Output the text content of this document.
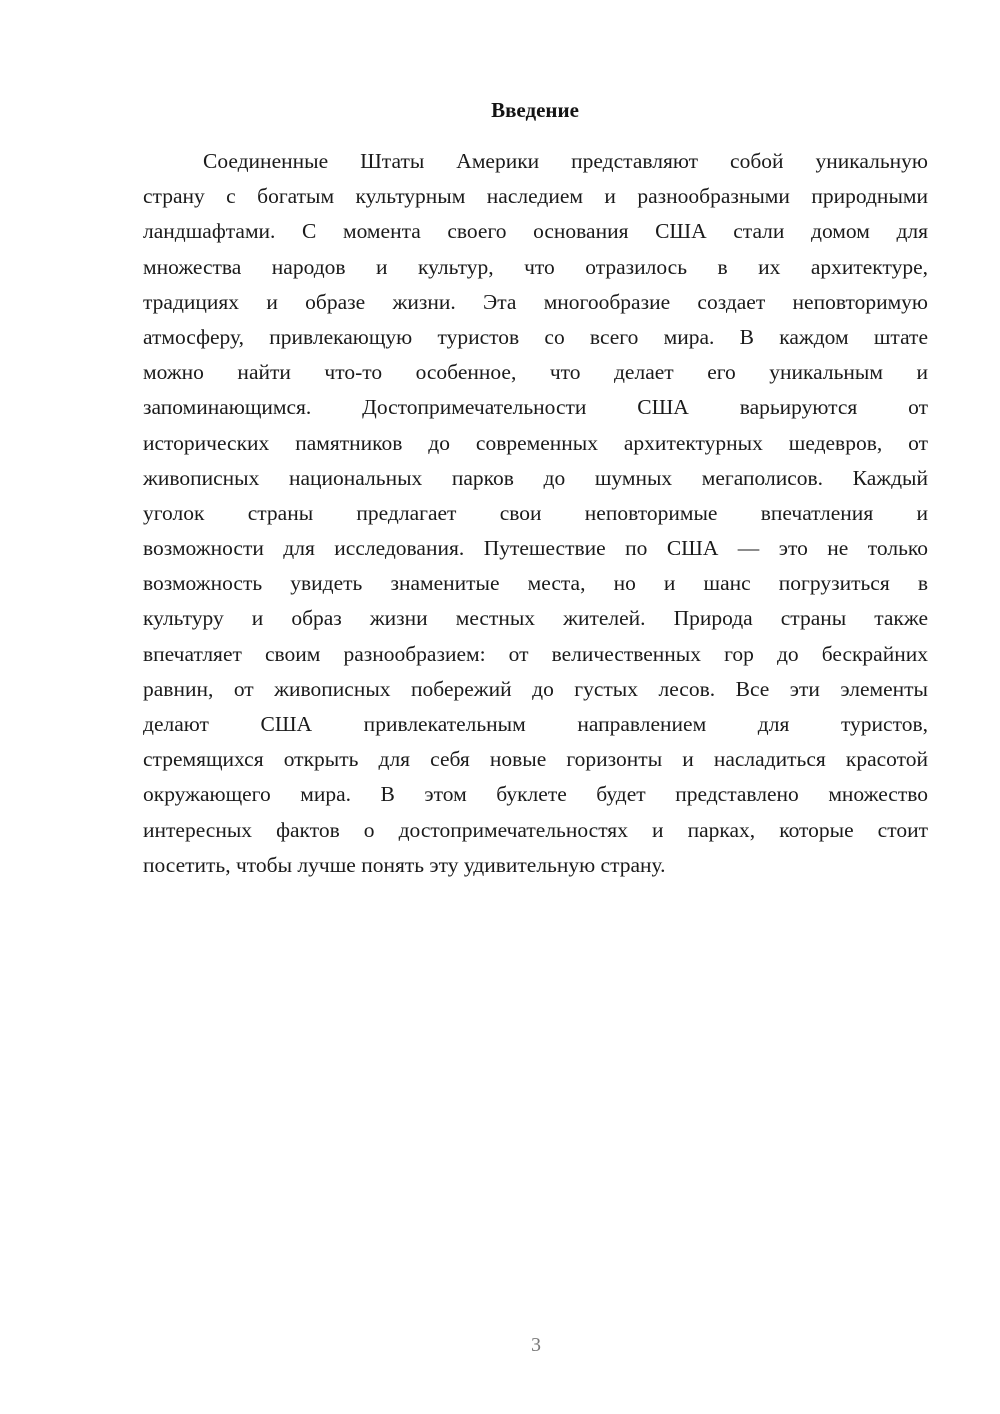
Введение
Соединенные Штаты Америки представляют собой уникальную
страну с богатым культурным наследием и разнообразными природными
ландшафтами. С момента своего основания США стали домом для
множества народов и культур, что отразилось в их архитектуре,
традициях и образе жизни. Эта многообразие создает неповторимую
атмосферу, привлекающую туристов со всего мира. В каждом штате
можно найти что-то особенное, что делает его уникальным и
запоминающимся. Достопримечательности США варьируются от
исторических памятников до современных архитектурных шедевров, от
живописных национальных парков до шумных мегаполисов. Каждый
уголок страны предлагает свои неповторимые впечатления и
возможности для исследования. Путешествие по США — это не только
возможность увидеть знаменитые места, но и шанс погрузиться в
культуру и образ жизни местных жителей. Природа страны также
впечатляет своим разнообразием: от величественных гор до бескрайних
равнин, от живописных побережий до густых лесов. Все эти элементы
делают США привлекательным направлением для туристов,
стремящихся открыть для себя новые горизонты и насладиться красотой
окружающего мира. В этом буклете будет представлено множество
интересных фактов о достопримечательностях и парках, которые стоит
посетить, чтобы лучше понять эту удивительную страну.
3
